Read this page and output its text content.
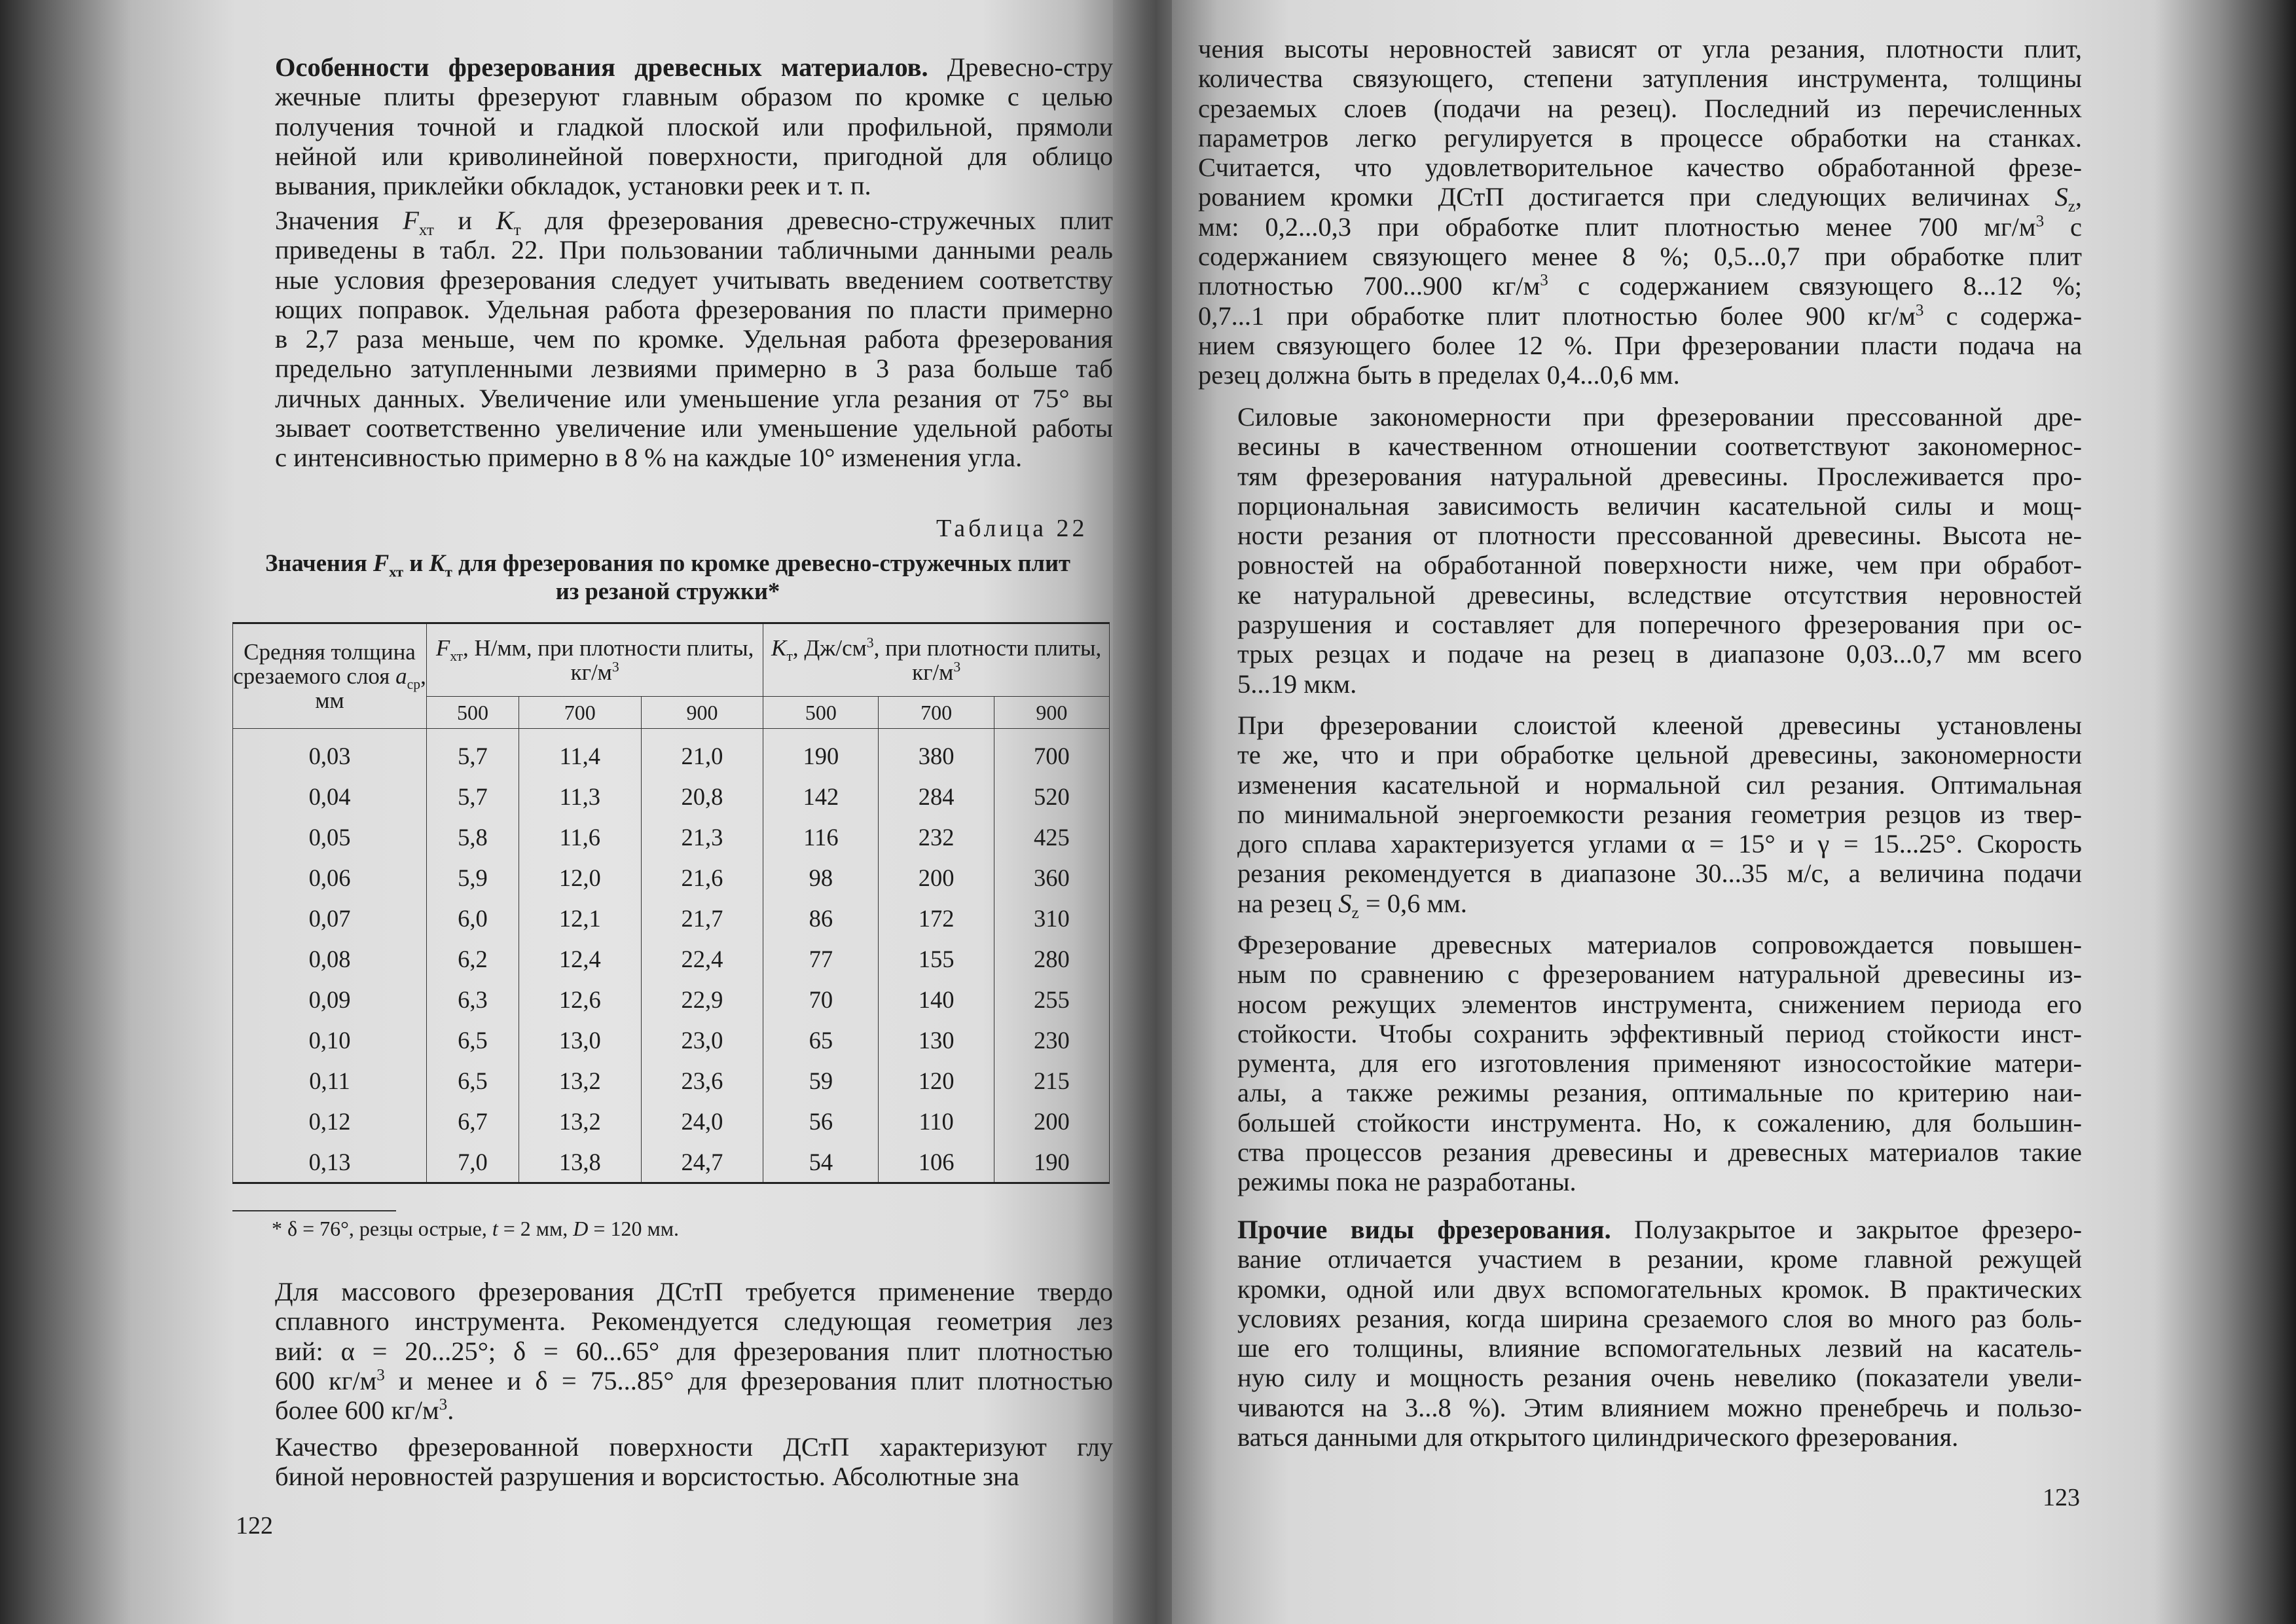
Особенности фрезерования древесных материалов. Древесно-стру
жечные плиты фрезеруют главным образом по кромке с целью
получения точной и гладкой плоской или профильной, прямоли
нейной или криволинейной поверхности, пригодной для облицо
вывания, приклейки обкладок, установки реек и т. п.

Значения $F_{хт}$ и $K_т$ для фрезерования древесно-стружечных плит
приведены в табл. 22. При пользовании табличными данными реаль
ные условия фрезерования следует учитывать введением соответству
ющих поправок. Удельная работа фрезерования по пласти примерно
в 2,7 раза меньше, чем по кромке. Удельная работа фрезерования
предельно затупленными лезвиями примерно в 3 раза больше таб
личных данных. Увеличение или уменьшение угла резания от 75° вы
зывает соответственно увеличение или уменьшение удельной работы
с интенсивностью примерно в 8 % на каждые 10° изменения угла.

Таблица 22
Значения $F_{хт}$ и $K_т$ для фрезерования по кромке древесно-стружечных плит
из резаной стружки*
Средняя толщина срезаемого слоя $a_{ср}$, мм	$F_{хт}$, Н/мм, при плотности плиты, $кг/м^3$			$K_т$, $Дж/см^3$, при плотности плиты, $кг/м^3$
	500	700	900	500	700	900
0,03	5,7	11,4	21,0	190	380	700
0,04	5,7	11,3	20,8	142	284	520
0,05	5,8	11,6	21,3	116	232	425
0,06	5,9	12,0	21,6	98	200	360
0,07	6,0	12,1	21,7	86	172	310
0,08	6,2	12,4	22,4	77	155	280
0,09	6,3	12,6	22,9	70	140	255
0,10	6,5	13,0	23,0	65	130	230
0,11	6,5	13,2	23,6	59	120	215
0,12	6,7	13,2	24,0	56	110	200
0,13	7,0	13,8	24,7	54	106	190
* δ = 76°, резцы острые, t = 2 мм, D = 120 мм.

Для массового фрезерования ДСтП требуется применение твердо
сплавного инструмента. Рекомендуется следующая геометрия лез
вий: α = 20...25°; δ = 60...65° для фрезерования плит плотностью
600 $кг/м^3$ и менее и δ = 75...85° для фрезерования плит плотностью
более 600 $кг/м^3$.

Качество фрезерованной поверхности ДСтП характеризуют глу
биной неровностей разрушения и ворсистостью. Абсолютные зна

122

чения высоты неровностей зависят от угла резания, плотности плит,
количества связующего, степени затупления инструмента, толщины
срезаемых слоев (подачи на резец). Последний из перечисленных
параметров легко регулируется в процессе обработки на станках.
Считается, что удовлетворительное качество обработанной фрезе-
рованием кромки ДСтП достигается при следующих величинах $S_z$,
мм: 0,2...0,3 при обработке плит плотностью менее 700 $мг/м^3$ с
содержанием связующего менее 8 %; 0,5...0,7 при обработке плит
плотностью 700...900 $кг/м^3$ с содержанием связующего 8...12 %;
0,7...1 при обработке плит плотностью более 900 $кг/м^3$ с содержа-
нием связующего более 12 %. При фрезеровании пласти подача на
резец должна быть в пределах 0,4...0,6 мм.

Силовые закономерности при фрезеровании прессованной дре-
весины в качественном отношении соответствуют закономернос-
тям фрезерования натуральной древесины. Прослеживается про-
порциональная зависимость величин касательной силы и мощ-
ности резания от плотности прессованной древесины. Высота не-
ровностей на обработанной поверхности ниже, чем при обработ-
ке натуральной древесины, вследствие отсутствия неровностей
разрушения и составляет для поперечного фрезерования при ос-
трых резцах и подаче на резец в диапазоне 0,03...0,7 мм всего
5...19 мкм.

При фрезеровании слоистой клееной древесины установлены
те же, что и при обработке цельной древесины, закономерности
изменения касательной и нормальной сил резания. Оптимальная
по минимальной энергоемкости резания геометрия резцов из твер-
дого сплава характеризуется углами α = 15° и γ = 15...25°. Скорость
резания рекомендуется в диапазоне 30...35 м/с, а величина подачи
на резец $S_z = 0,6$ мм.

Фрезерование древесных материалов сопровождается повышен-
ным по сравнению с фрезерованием натуральной древесины из-
носом режущих элементов инструмента, снижением периода его
стойкости. Чтобы сохранить эффективный период стойкости инст-
румента, для его изготовления применяют износостойкие матери-
алы, а также режимы резания, оптимальные по критерию наи-
большей стойкости инструмента. Но, к сожалению, для большин-
ства процессов резания древесины и древесных материалов такие
режимы пока не разработаны.

Прочие виды фрезерования. Полузакрытое и закрытое фрезеро-
вание отличается участием в резании, кроме главной режущей
кромки, одной или двух вспомогательных кромок. В практических
условиях резания, когда ширина срезаемого слоя во много раз боль-
ше его толщины, влияние вспомогательных лезвий на касатель-
ную силу и мощность резания очень невелико (показатели увели-
чиваются на 3...8 %). Этим влиянием можно пренебречь и пользо-
ваться данными для открытого цилиндрического фрезерования.

123
